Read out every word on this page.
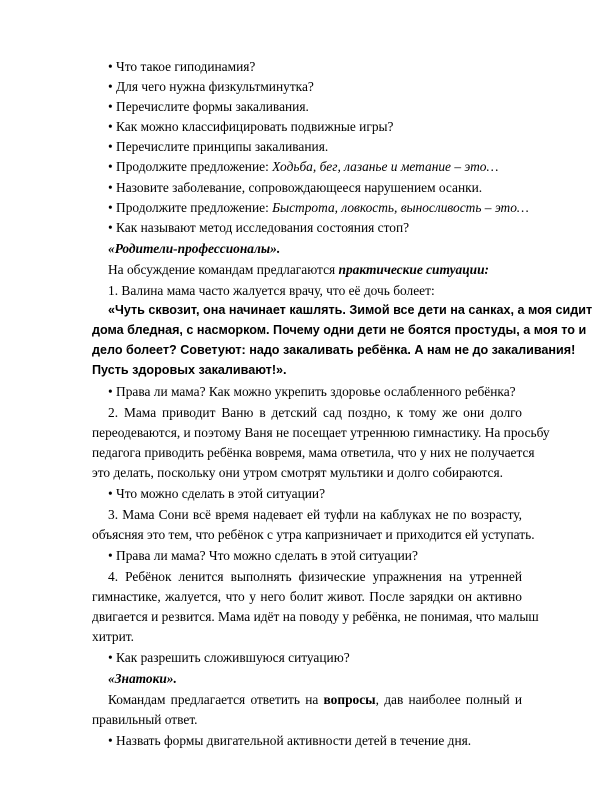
• Что такое гиподинамия?
• Для чего нужна физкультминутка?
• Перечислите формы закаливания.
• Как можно классифицировать подвижные игры?
• Перечислите принципы закаливания.
• Продолжите предложение: Ходьба, бег, лазанье и метание – это…
• Назовите заболевание, сопровождающееся нарушением осанки.
• Продолжите предложение: Быстрота, ловкость, выносливость – это…
• Как называют метод исследования состояния стоп?
«Родители-профессионалы».
На обсуждение командам предлагаются практические ситуации:
1. Валина мама часто жалуется врачу, что её дочь болеет:
«Чуть сквозит, она начинает кашлять. Зимой все дети на санках, а моя сидит
дома бледная, с насморком. Почему одни дети не боятся простуды, а моя то и
дело болеет? Советуют: надо закаливать ребёнка. А нам не до закаливания!
Пусть здоровых закаливают!».
• Права ли мама? Как можно укрепить здоровье ослабленного ребёнка?
2. Мама приводит Ваню в детский сад поздно, к тому же они долго
переодеваются, и поэтому Ваня не посещает утреннюю гимнастику. На просьбу
педагога приводить ребёнка вовремя, мама ответила, что у них не получается
это делать, поскольку они утром смотрят мультики и долго собираются.
• Что можно сделать в этой ситуации?
3. Мама Сони всё время надевает ей туфли на каблуках не по возрасту,
объясняя это тем, что ребёнок с утра капризничает и приходится ей уступать.
• Права ли мама? Что можно сделать в этой ситуации?
4. Ребёнок ленится выполнять физические упражнения на утренней
гимнастике, жалуется, что у него болит живот. После зарядки он активно
двигается и резвится. Мама идёт на поводу у ребёнка, не понимая, что малыш
хитрит.
• Как разрешить сложившуюся ситуацию?
«Знатоки».
Командам предлагается ответить на вопросы, дав наиболее полный и
правильный ответ.
• Назвать формы двигательной активности детей в течение дня.
